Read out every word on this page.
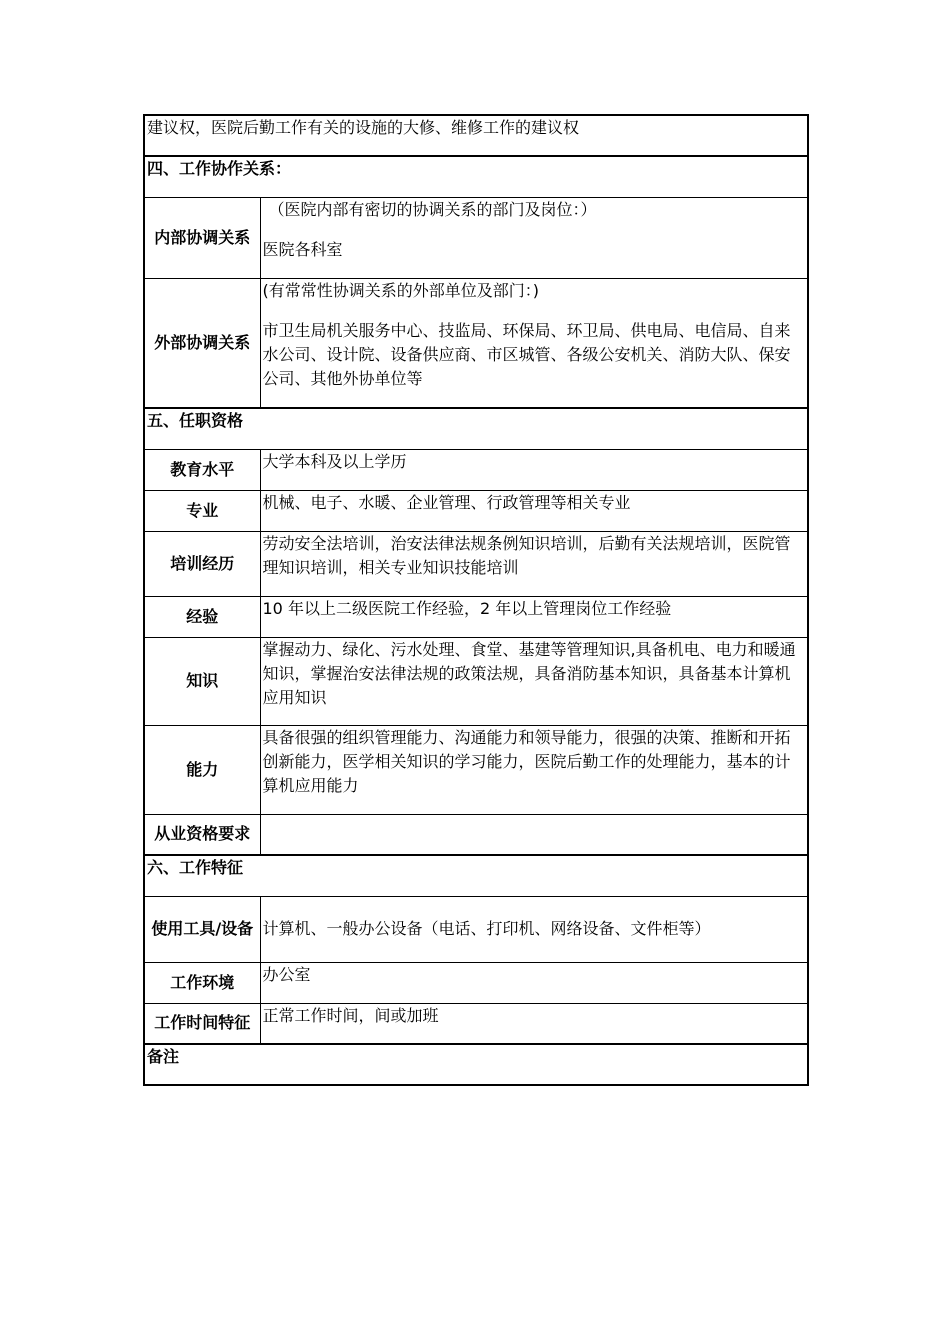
建议权，医院后勤工作有关的设施的大修、维修工作的建议权	
四、工作协作关系：	
内部协调关系	（医院内部有密切的协调关系的部门及岗位：）
医院各科室

外部协调关系	(有常常性协调关系的外部单位及部门：)
市卫生局机关服务中心、技监局、环保局、环卫局、供电局、电信局、自来水公司、设计院、设备供应商、市区城管、各级公安机关、消防大队、保安公司、其他外协单位等

五、任职资格	
教育水平	大学本科及以上学历
专业	机械、电子、水暖、企业管理、行政管理等相关专业
培训经历	劳动安全法培训，治安法律法规条例知识培训，后勤有关法规培训，医院管理知识培训，相关专业知识技能培训
经验	10 年以上二级医院工作经验，2 年以上管理岗位工作经验
知识	掌握动力、绿化、污水处理、食堂、基建等管理知识,具备机电、电力和暖通知识，掌握治安法律法规的政策法规，具备消防基本知识，具备基本计算机应用知识
能力	具备很强的组织管理能力、沟通能力和领导能力，很强的决策、推断和开拓创新能力，医学相关知识的学习能力，医院后勤工作的处理能力，基本的计算机应用能力
从业资格要求	
六、工作特征	
使用工具/设备	计算机、一般办公设备（电话、打印机、网络设备、文件柜等）
工作环境	办公室
工作时间特征	正常工作时间，间或加班
备注	
